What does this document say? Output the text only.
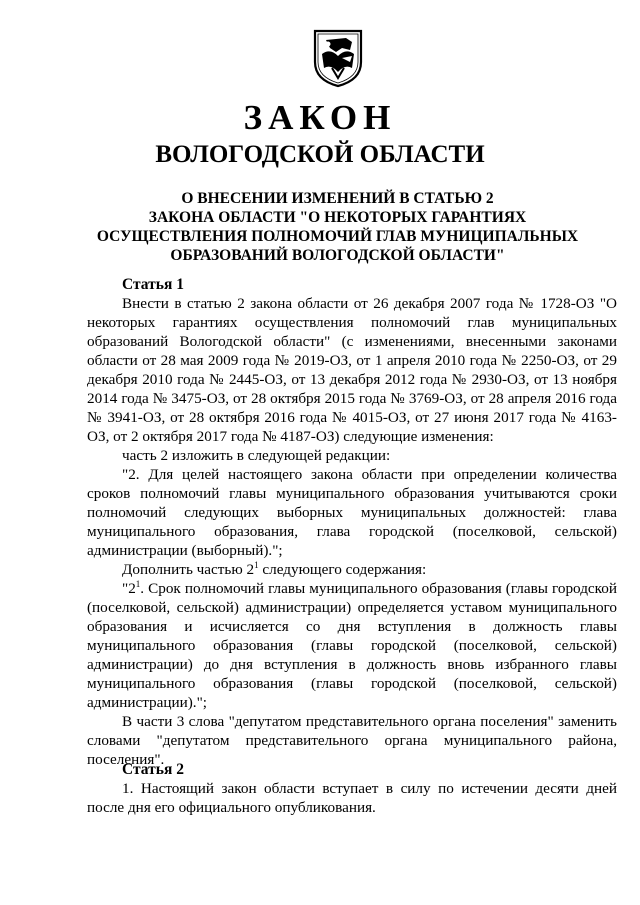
ЗАКОН
ВОЛОГОДСКОЙ ОБЛАСТИ
О ВНЕСЕНИИ ИЗМЕНЕНИЙ В СТАТЬЮ 2
ЗАКОНА ОБЛАСТИ "О НЕКОТОРЫХ ГАРАНТИЯХ
ОСУЩЕСТВЛЕНИЯ ПОЛНОМОЧИЙ ГЛАВ МУНИЦИПАЛЬНЫХ
ОБРАЗОВАНИЙ ВОЛОГОДСКОЙ ОБЛАСТИ"
Статья 1

Внести в статью 2 закона области от 26 декабря 2007 года № 1728-ОЗ "О некоторых гарантиях осуществления полномочий глав муниципальных образований Вологодской области" (с изменениями, внесенными законами области от 28 мая 2009 года № 2019-ОЗ, от 1 апреля 2010 года № 2250-ОЗ, от 29 декабря 2010 года № 2445-ОЗ, от 13 декабря 2012 года № 2930-ОЗ, от 13 ноября 2014 года № 3475-ОЗ, от 28 октября 2015 года № 3769-ОЗ, от 28 апреля 2016 года № 3941-ОЗ, от 28 октября 2016 года № 4015-ОЗ, от 27 июня 2017 года № 4163-ОЗ, от 2 октября 2017 года № 4187-ОЗ) следующие изменения:

часть 2 изложить в следующей редакции:

"2. Для целей настоящего закона области при определении количества сроков полномочий главы муниципального образования учитываются сроки полномочий следующих выборных муниципальных должностей: глава муниципального образования, глава городской (поселковой, сельской) администрации (выборный).";

Дополнить частью $2^1$ следующего содержания:

"$2^1$. Срок полномочий главы муниципального образования (главы городской (поселковой, сельской) администрации) определяется уставом муниципального образования и исчисляется со дня вступления в должность главы муниципального образования (главы городской (поселковой, сельской) администрации) до дня вступления в должность вновь избранного главы муниципального образования (главы городской (поселковой, сельской) администрации).";

В части 3 слова "депутатом представительного органа поселения" заменить словами "депутатом представительного органа муниципального района, поселения".

Статья 2

1. Настоящий закон области вступает в силу по истечении десяти дней после дня его официального опубликования.
